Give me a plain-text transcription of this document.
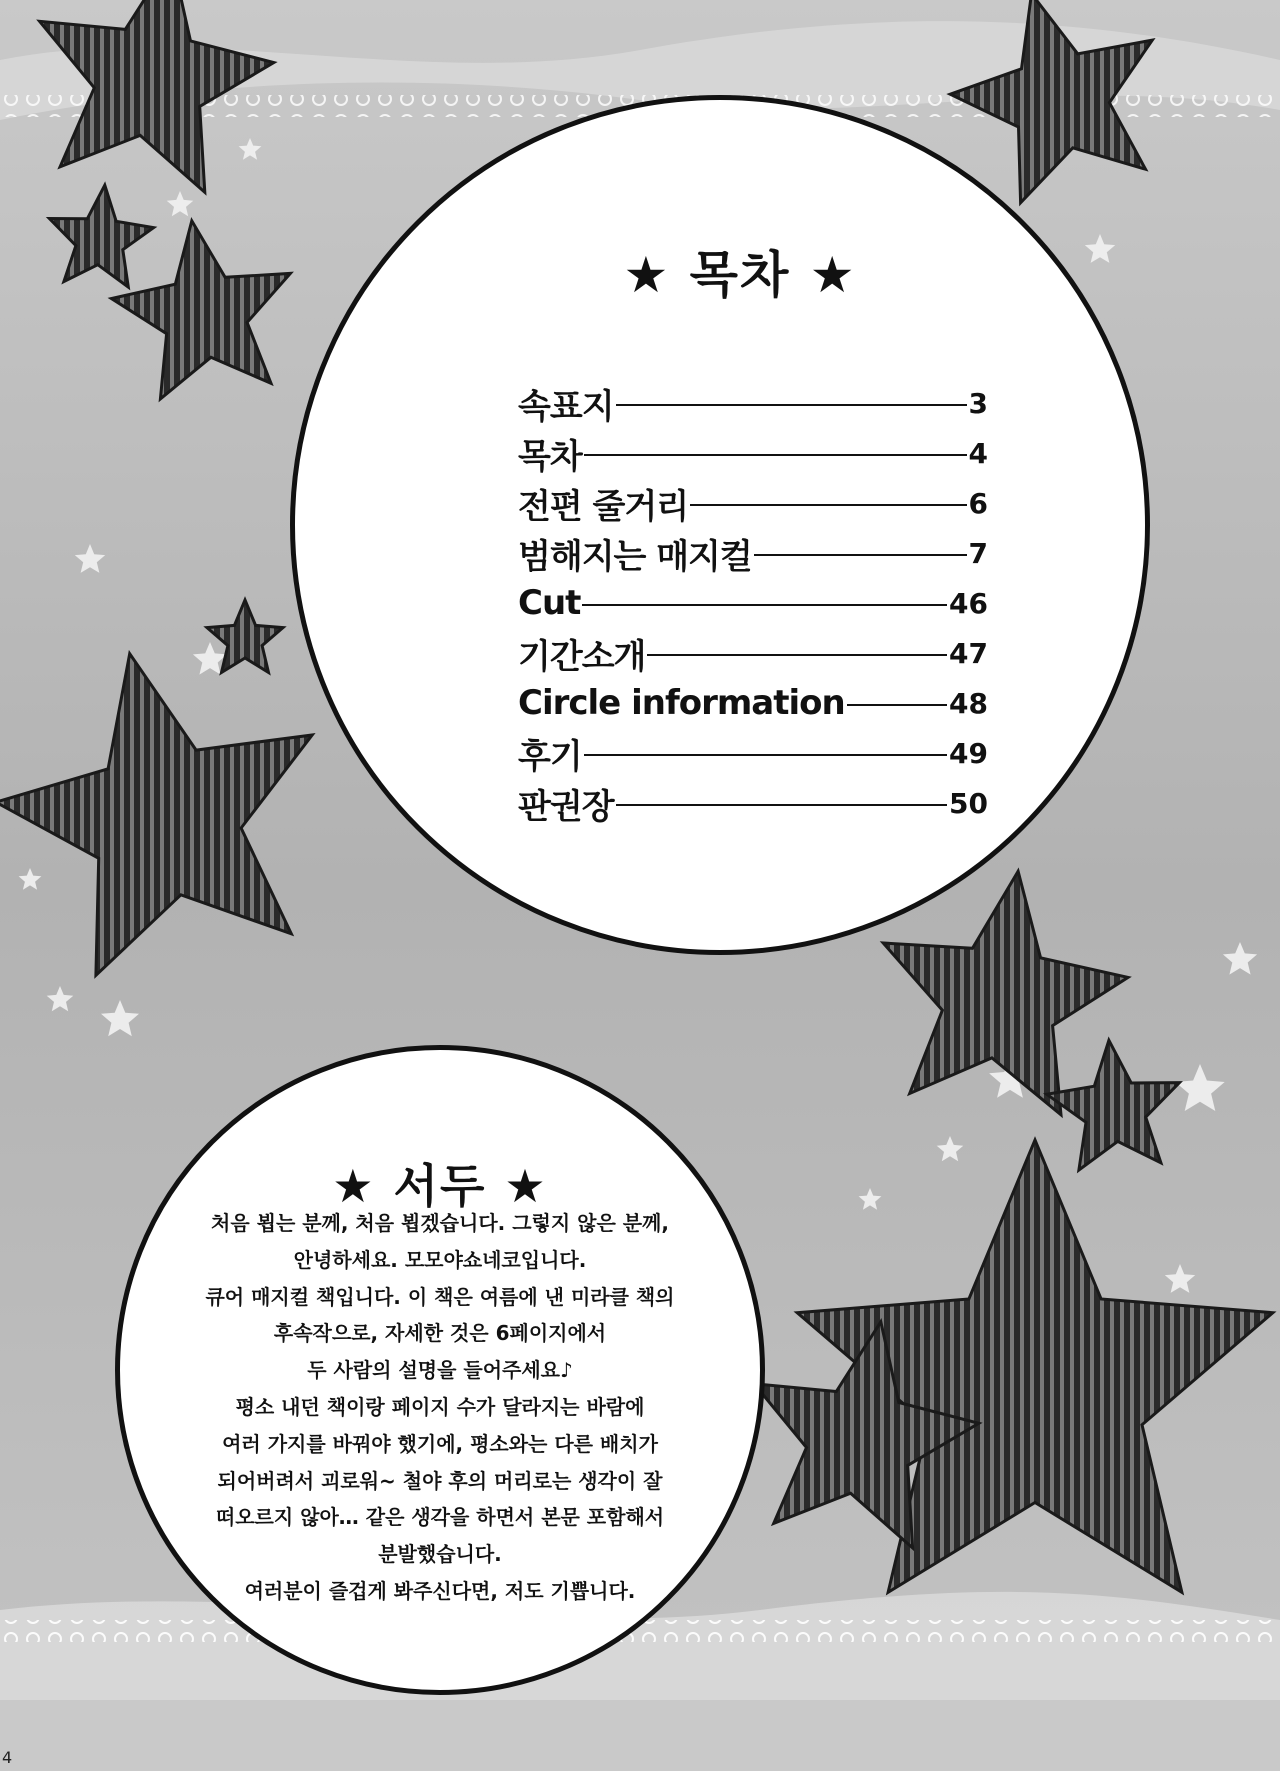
★ 목차 ★
속표지	3
목차	4
전편 줄거리	6
범해지는 매지컬	7
Cut	46
기간소개	47
Circle information	48
후기	49
판권장	50
★ 서두 ★
처음 뵙는 분께, 처음 뵙겠습니다. 그렇지 않은 분께,
안녕하세요. 모모야쇼네코입니다.
큐어 매지컬 책입니다. 이 책은 여름에 낸 미라클 책의
후속작으로, 자세한 것은 6페이지에서
두 사람의 설명을 들어주세요♪
평소 내던 책이랑 페이지 수가 달라지는 바람에
여러 가지를 바꿔야 했기에, 평소와는 다른 배치가
되어버려서 괴로워~ 철야 후의 머리로는 생각이 잘
떠오르지 않아… 같은 생각을 하면서 본문 포함해서
분발했습니다.
여러분이 즐겁게 봐주신다면, 저도 기쁩니다.
4
